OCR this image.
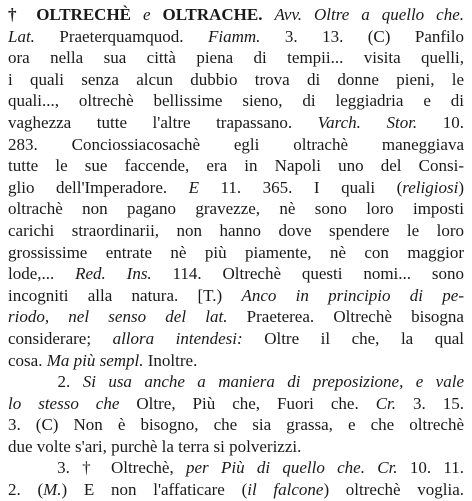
† OLTRECHÈ e OLTRACHE. Avv. Oltre a quello che.
Lat. Praeterquamquod. Fiamm. 3. 13. (C) Panfilo
ora nella sua città piena di tempii... visita quelli,
i quali senza alcun dubbio trova di donne pieni, le
quali..., oltrechè bellissime sieno, di leggiadria e di
vaghezza tutte l'altre trapassano. Varch. Stor. 10.
283. Conciossiacosachè egli oltrachè maneggiava
tutte le sue faccende, era in Napoli uno del Consi-
glio dell'Imperadore. E 11. 365. I quali (religiosi)
oltrachè non pagano gravezze, nè sono loro imposti
carichi straordinarii, non hanno dove spendere le loro
grossissime entrate nè più piamente, nè con maggior
lode,... Red. Ins. 114. Oltrechè questi nomi... sono
incogniti alla natura. [T.) Anco in principio di pe-
riodo, nel senso del lat. Praeterea. Oltrechè bisogna
considerare; allora intendesi: Oltre il che, la qual
cosa. Ma più sempl. Inoltre.
2. Si usa anche a maniera di preposizione, e vale
lo stesso che Oltre, Più che, Fuori che. Cr. 3. 15.
3. (C) Non è bisogno, che sia grassa, e che oltrechè
due volte s'ari, purchè la terra si polverizzi.
3. † Oltrechè, per Più di quello che. Cr. 10. 11.
2. (M.) E non l'affaticare (il falcone) oltrechè voglia.
